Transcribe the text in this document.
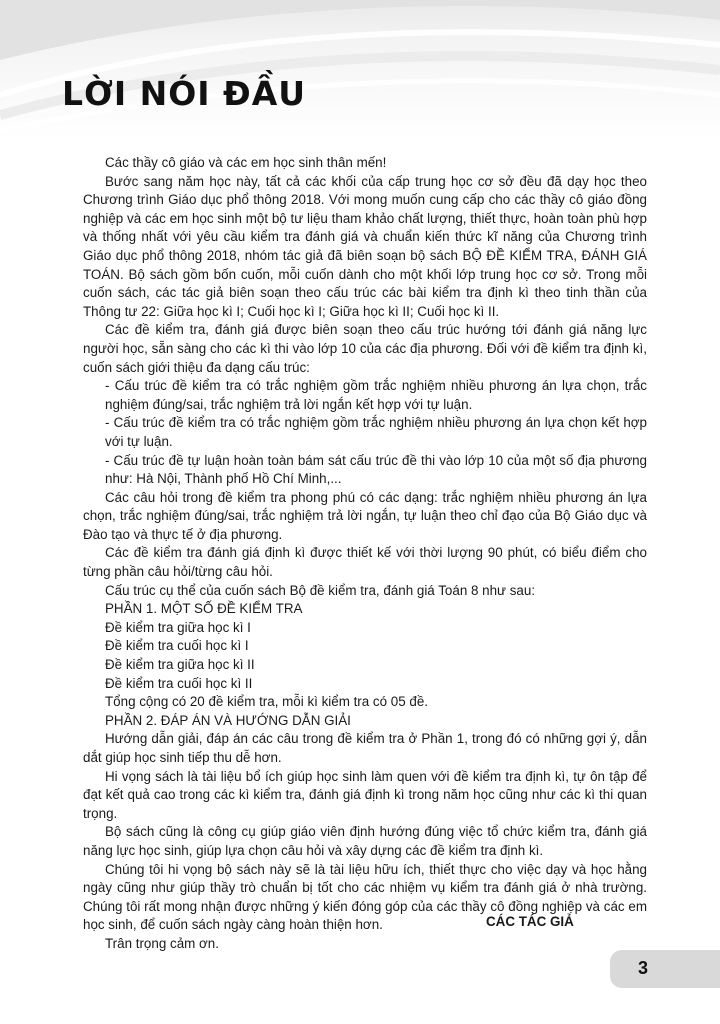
LỜI NÓI ĐẦU

Các thầy cô giáo và các em học sinh thân mến!

Bước sang năm học này, tất cả các khối của cấp trung học cơ sở đều đã dạy học theo Chương trình Giáo dục phổ thông 2018. Với mong muốn cung cấp cho các thầy cô giáo đồng nghiệp và các em học sinh một bộ tư liệu tham khảo chất lượng, thiết thực, hoàn toàn phù hợp và thống nhất với yêu cầu kiểm tra đánh giá và chuẩn kiến thức kĩ năng của Chương trình Giáo dục phổ thông 2018, nhóm tác giả đã biên soạn bộ sách BỘ ĐỀ KIỂM TRA, ĐÁNH GIÁ TOÁN. Bộ sách gồm bốn cuốn, mỗi cuốn dành cho một khối lớp trung học cơ sở. Trong mỗi cuốn sách, các tác giả biên soạn theo cấu trúc các bài kiểm tra định kì theo tinh thần của Thông tư 22: Giữa học kì I; Cuối học kì I; Giữa học kì II; Cuối học kì II.

Các đề kiểm tra, đánh giá được biên soạn theo cấu trúc hướng tới đánh giá năng lực người học, sẵn sàng cho các kì thi vào lớp 10 của các địa phương. Đối với đề kiểm tra định kì, cuốn sách giới thiệu đa dạng cấu trúc:

- Cấu trúc đề kiểm tra có trắc nghiệm gồm trắc nghiệm nhiều phương án lựa chọn, trắc nghiệm đúng/sai, trắc nghiệm trả lời ngắn kết hợp với tự luận.

- Cấu trúc đề kiểm tra có trắc nghiệm gồm trắc nghiệm nhiều phương án lựa chọn kết hợp với tự luận.

- Cấu trúc đề tự luận hoàn toàn bám sát cấu trúc đề thi vào lớp 10 của một số địa phương như: Hà Nội, Thành phố Hồ Chí Minh,...

Các câu hỏi trong đề kiểm tra phong phú có các dạng: trắc nghiệm nhiều phương án lựa chọn, trắc nghiệm đúng/sai, trắc nghiệm trả lời ngắn, tự luận theo chỉ đạo của Bộ Giáo dục và Đào tạo và thực tế ở địa phương.

Các đề kiểm tra đánh giá định kì được thiết kế với thời lượng 90 phút, có biểu điểm cho từng phần câu hỏi/từng câu hỏi.

Cấu trúc cụ thể của cuốn sách Bộ đề kiểm tra, đánh giá Toán 8 như sau:

PHẦN 1. MỘT SỐ ĐỀ KIỂM TRA

Đề kiểm tra giữa học kì I

Đề kiểm tra cuối học kì I

Đề kiểm tra giữa học kì II

Đề kiểm tra cuối học kì II

Tổng cộng có 20 đề kiểm tra, mỗi kì kiểm tra có 05 đề.

PHẦN 2. ĐÁP ÁN VÀ HƯỚNG DẪN GIẢI

Hướng dẫn giải, đáp án các câu trong đề kiểm tra ở Phần 1, trong đó có những gợi ý, dẫn dắt giúp học sinh tiếp thu dễ hơn.

Hi vọng sách là tài liệu bổ ích giúp học sinh làm quen với đề kiểm tra định kì, tự ôn tập để đạt kết quả cao trong các kì kiểm tra, đánh giá định kì trong năm học cũng như các kì thi quan trọng.

Bộ sách cũng là công cụ giúp giáo viên định hướng đúng việc tổ chức kiểm tra, đánh giá năng lực học sinh, giúp lựa chọn câu hỏi và xây dựng các đề kiểm tra định kì.

Chúng tôi hi vọng bộ sách này sẽ là tài liệu hữu ích, thiết thực cho việc dạy và học hằng ngày cũng như giúp thầy trò chuẩn bị tốt cho các nhiệm vụ kiểm tra đánh giá ở nhà trường. Chúng tôi rất mong nhận được những ý kiến đóng góp của các thầy cô đồng nghiệp và các em học sinh, để cuốn sách ngày càng hoàn thiện hơn.

Trân trọng cảm ơn.

CÁC TÁC GIẢ

3
